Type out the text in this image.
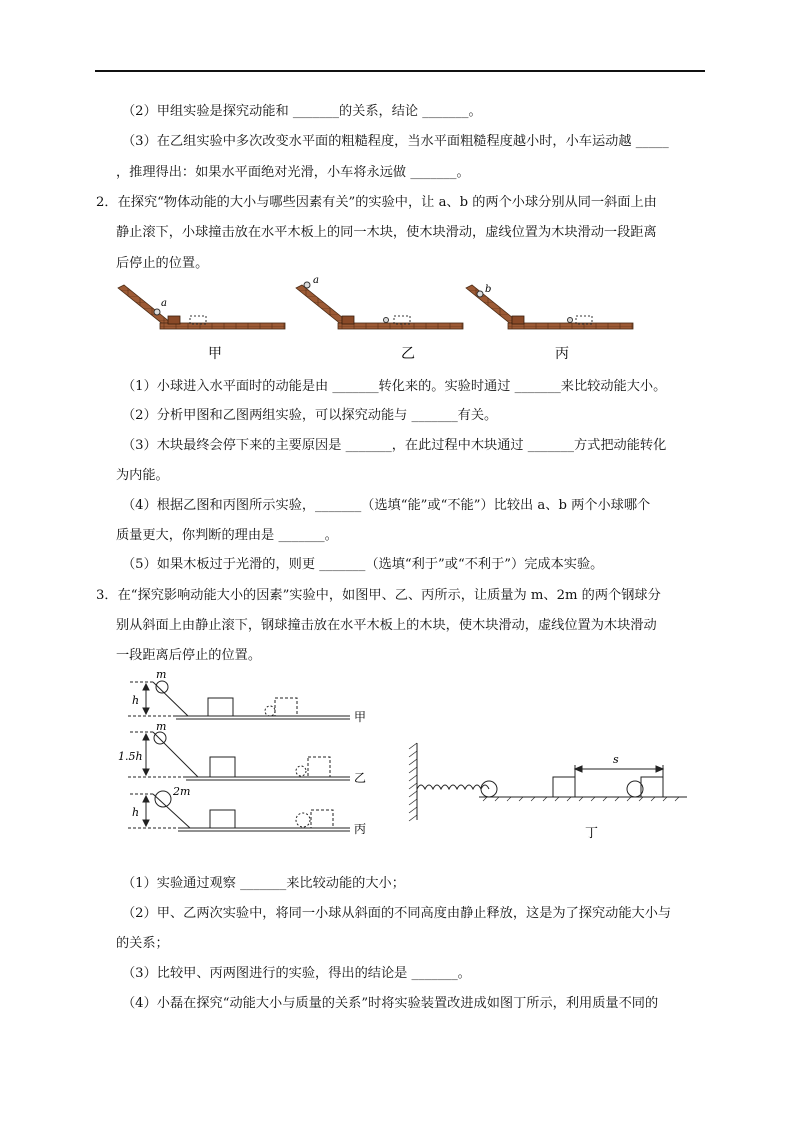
（2）甲组实验是探究动能和 _______的关系，结论 _______。
（3）在乙组实验中多次改变水平面的粗糙程度，当水平面粗糙程度越小时，小车运动越 _____
，推理得出：如果水平面绝对光滑，小车将永远做 _______。
2．在探究“物体动能的大小与哪些因素有关”的实验中，让 a、b 的两个小球分别从同一斜面上由
静止滚下，小球撞击放在水平木板上的同一木块，使木块滑动，虚线位置为木块滑动一段距离
后停止的位置。
a
a
b
甲	乙	丙
（1）小球进入水平面时的动能是由 _______转化来的。实验时通过 _______来比较动能大小。
（2）分析甲图和乙图两组实验，可以探究动能与 _______有关。
（3）木块最终会停下来的主要原因是 _______，在此过程中木块通过 _______方式把动能转化
为内能。
（4）根据乙图和丙图所示实验，_______（选填“能”或“不能”）比较出 a、b 两个小球哪个
质量更大，你判断的理由是 _______。
（5）如果木板过于光滑的，则更 _______（选填“利于”或“不利于”）完成本实验。
3．在“探究影响动能大小的因素”实验中，如图甲、乙、丙所示，让质量为 m、2m 的两个钢球分
别从斜面上由静止滚下，钢球撞击放在水平木板上的木块，使木块滑动，虚线位置为木块滑动
一段距离后停止的位置。
h
m
甲
1.5h
m
乙
h
2m
丙
s
丁
（1）实验通过观察 _______来比较动能的大小；
（2）甲、乙两次实验中，将同一小球从斜面的不同高度由静止释放，这是为了探究动能大小与
的关系；
（3）比较甲、丙两图进行的实验，得出的结论是 _______。
（4）小磊在探究“动能大小与质量的关系”时将实验装置改进成如图丁所示，利用质量不同的
